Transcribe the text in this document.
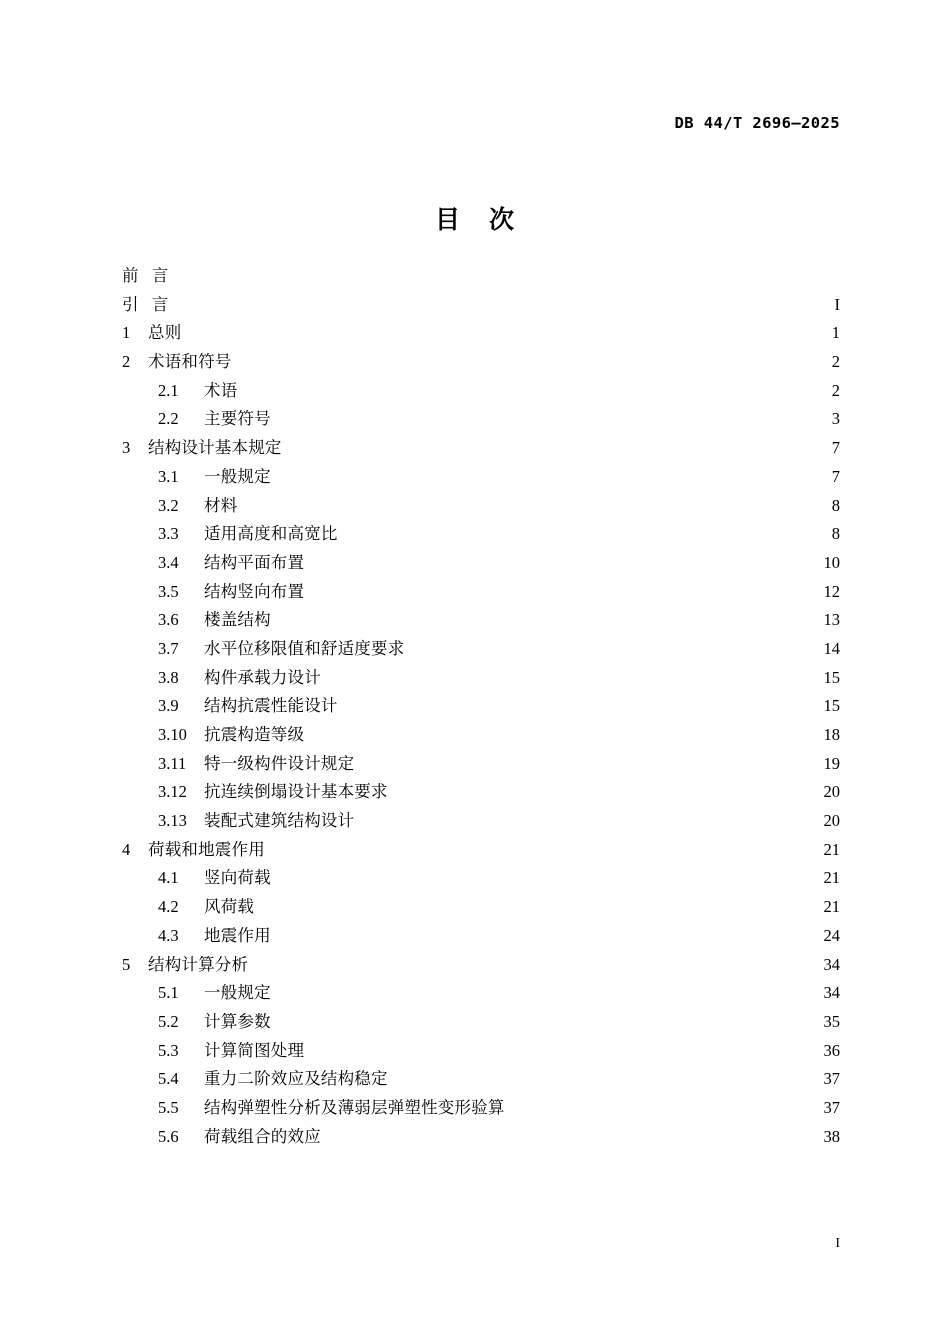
DB 44/T 2696—2025
目 次
前 言
.....
引 言 .....	I
1	总则 .....	1
2	术语和符号 .....	2
2.1	术语 .....	2
2.2	主要符号 .....	3
3	结构设计基本规定 .....	7
3.1	一般规定 .....	7
3.2	材料 .....	8
3.3	适用高度和高宽比 .....	8
3.4	结构平面布置 .....	10
3.5	结构竖向布置 .....	12
3.6	楼盖结构 .....	13
3.7	水平位移限值和舒适度要求 .....	14
3.8	构件承载力设计 .....	15
3.9	结构抗震性能设计 .....	15
3.10	抗震构造等级 .....	18
3.11	特一级构件设计规定 .....	19
3.12	抗连续倒塌设计基本要求 .....	20
3.13	装配式建筑结构设计 .....	20
4	荷载和地震作用 .....	21
4.1	竖向荷载 .....	21
4.2	风荷载 .....	21
4.3	地震作用 .....	24
5	结构计算分析 .....	34
5.1	一般规定 .....	34
5.2	计算参数 .....	35
5.3	计算简图处理 .....	36
5.4	重力二阶效应及结构稳定 .....	37
5.5	结构弹塑性分析及薄弱层弹塑性变形验算 .....	37
5.6	荷载组合的效应 .....	38
I
